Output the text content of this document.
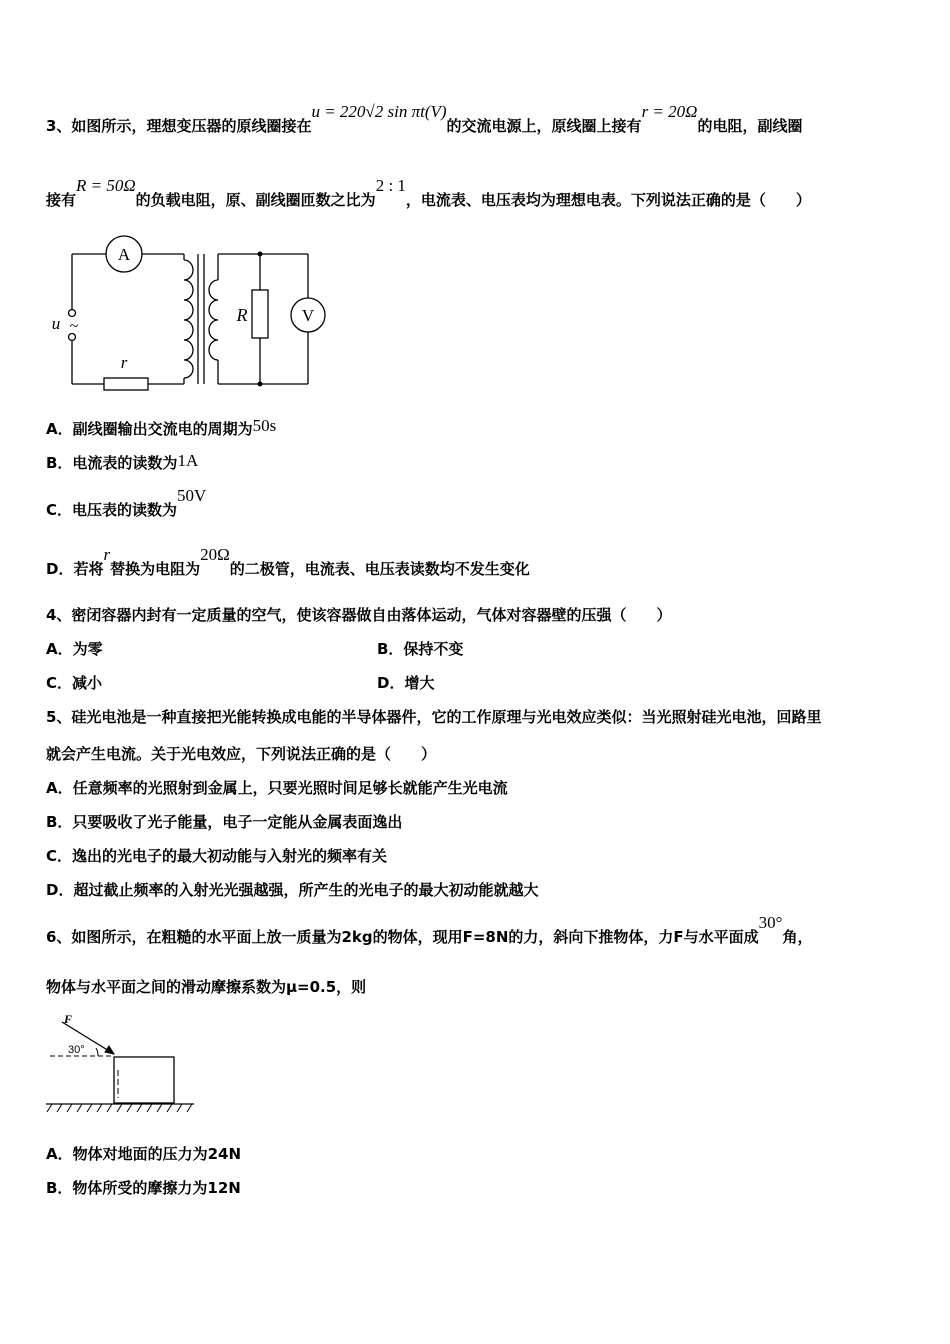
3、如图所示，理想变压器的原线圈接在u = 220√2 sin πt(V)的交流电源上，原线圈上接有r = 20Ω的电阻，副线圈
接有R = 50Ω的负载电阻，原、副线圈匝数之比为2 : 1，电流表、电压表均为理想电表。下列说法正确的是（　　）
A
V
R
u ~
r
A．副线圈输出交流电的周期为50s
B．电流表的读数为1A
C．电压表的读数为50V
D．若将r替换为电阻为20Ω的二极管，电流表、电压表读数均不发生变化
4、密闭容器内封有一定质量的空气，使该容器做自由落体运动，气体对容器壁的压强（　　）
A．为零	B．保持不变
C．减小	D．增大
5、硅光电池是一种直接把光能转换成电能的半导体器件，它的工作原理与光电效应类似：当光照射硅光电池，回路里
就会产生电流。关于光电效应，下列说法正确的是（　　）
A．任意频率的光照射到金属上，只要光照时间足够长就能产生光电流
B．只要吸收了光子能量，电子一定能从金属表面逸出
C．逸出的光电子的最大初动能与入射光的频率有关
D．超过截止频率的入射光光强越强，所产生的光电子的最大初动能就越大
6、如图所示，在粗糙的水平面上放一质量为2kg的物体，现用F=8N的力，斜向下推物体，力F与水平面成30°角，
物体与水平面之间的滑动摩擦系数为μ=0.5，则
F
30°
A．物体对地面的压力为24N
B．物体所受的摩擦力为12N
